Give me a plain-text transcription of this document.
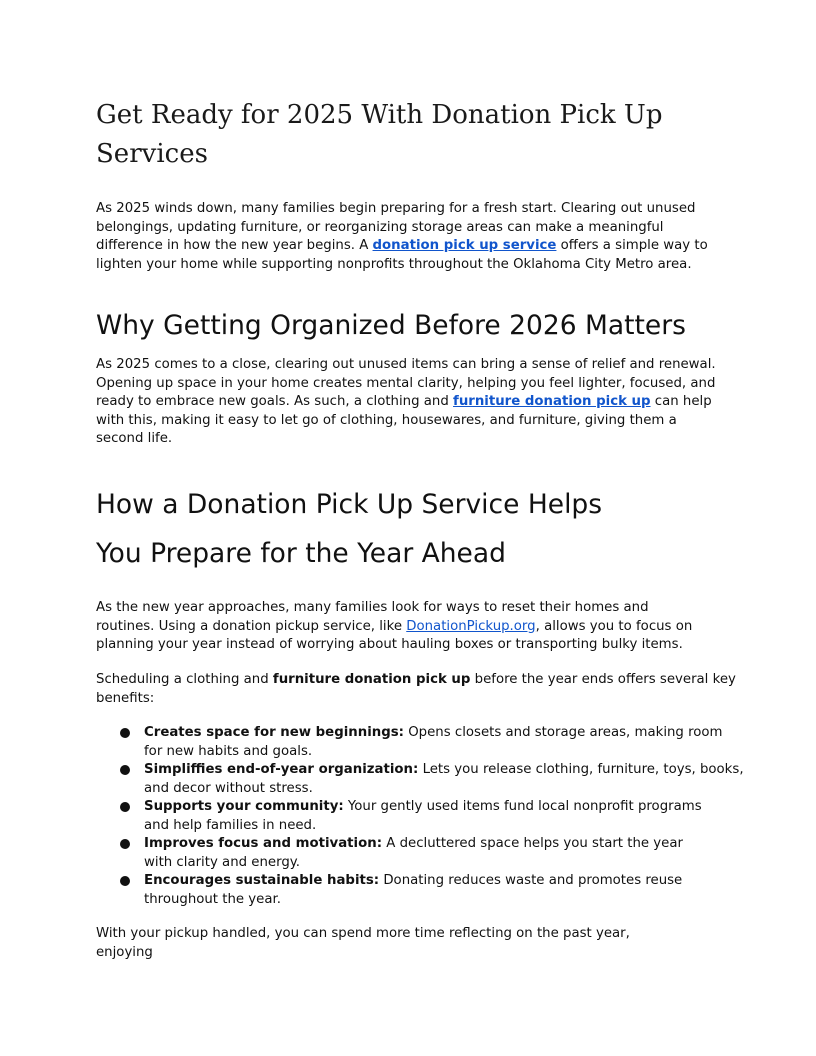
Get Ready for 2025 With Donation Pick Up
Services

As 2025 winds down, many families begin preparing for a fresh start. Clearing out unused
belongings, updating furniture, or reorganizing storage areas can make a meaningful
difference in how the new year begins. A donation pick up service offers a simple way to
lighten your home while supporting nonprofits throughout the Oklahoma City Metro area.

Why Getting Organized Before 2026 Matters

As 2025 comes to a close, clearing out unused items can bring a sense of relief and renewal.
Opening up space in your home creates mental clarity, helping you feel lighter, focused, and
ready to embrace new goals. As such, a clothing and furniture donation pick up can help
with this, making it easy to let go of clothing, housewares, and furniture, giving them a
second life.

How a Donation Pick Up Service Helps
You Prepare for the Year Ahead

As the new year approaches, many families look for ways to reset their homes and
routines. Using a donation pickup service, like DonationPickup.org, allows you to focus on
planning your year instead of worrying about hauling boxes or transporting bulky items.

Scheduling a clothing and furniture donation pick up before the year ends offers several key
benefits:

Creates space for new beginnings: Opens closets and storage areas, making room
for new habits and goals.
Simpliffies end-of-year organization: Lets you release clothing, furniture, toys, books,
and decor without stress.
Supports your community: Your gently used items fund local nonprofit programs
and help families in need.
Improves focus and motivation: A decluttered space helps you start the year
with clarity and energy.
Encourages sustainable habits: Donating reduces waste and promotes reuse
throughout the year.

With your pickup handled, you can spend more time reflecting on the past year,
enjoying
